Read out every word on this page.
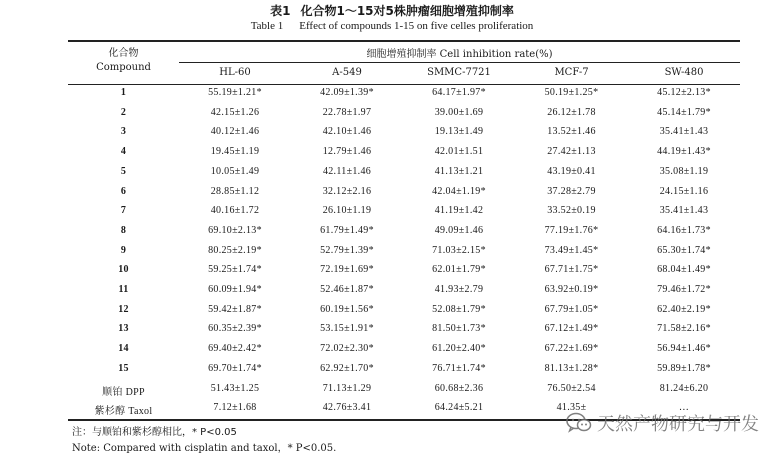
表1 化合物1～15对5株肿瘤细胞增殖抑制率
Table 1 Effect of compounds 1-15 on five celles proliferation
化合物
Compound
细胞增殖抑制率 Cell inhibition rate(%)
HL-60	A-549	SMMC-7721	MCF-7	SW-480
1	55.19±1.21*	42.09±1.39*	64.17±1.97*	50.19±1.25*	45.12±2.13*
2	42.15±1.26	22.78±1.97	39.00±1.69	26.12±1.78	45.14±1.79*
3	40.12±1.46	42.10±1.46	19.13±1.49	13.52±1.46	35.41±1.43
4	19.45±1.19	12.79±1.46	42.01±1.51	27.42±1.13	44.19±1.43*
5	10.05±1.49	42.11±1.46	41.13±1.21	43.19±0.41	35.08±1.19
6	28.85±1.12	32.12±2.16	42.04±1.19*	37.28±2.79	24.15±1.16
7	40.16±1.72	26.10±1.19	41.19±1.42	33.52±0.19	35.41±1.43
8	69.10±2.13*	61.79±1.49*	49.09±1.46	77.19±1.76*	64.16±1.73*
9	80.25±2.19*	52.79±1.39*	71.03±2.15*	73.49±1.45*	65.30±1.74*
10	59.25±1.74*	72.19±1.69*	62.01±1.79*	67.71±1.75*	68.04±1.49*
11	60.09±1.94*	52.46±1.87*	41.93±2.79	63.92±0.19*	79.46±1.72*
12	59.42±1.87*	60.19±1.56*	52.08±1.79*	67.79±1.05*	62.40±2.19*
13	60.35±2.39*	53.15±1.91*	81.50±1.73*	67.12±1.49*	71.58±2.16*
14	69.40±2.42*	72.02±2.30*	61.20±2.40*	67.22±1.69*	56.94±1.46*
15	69.70±1.74*	62.92±1.70*	76.71±1.74*	81.13±1.28*	59.89±1.78*
顺铂 DPP	51.43±1.25	71.13±1.29	60.68±2.36	76.50±2.54	81.24±6.20
紫杉醇 Taxol	7.12±1.68	42.76±3.41	64.24±5.21	41.35±	…
注：与顺铂和紫杉醇相比，* P<0.05
Note: Compared with cisplatin and taxol，* P<0.05.
天然产物研究与开发
